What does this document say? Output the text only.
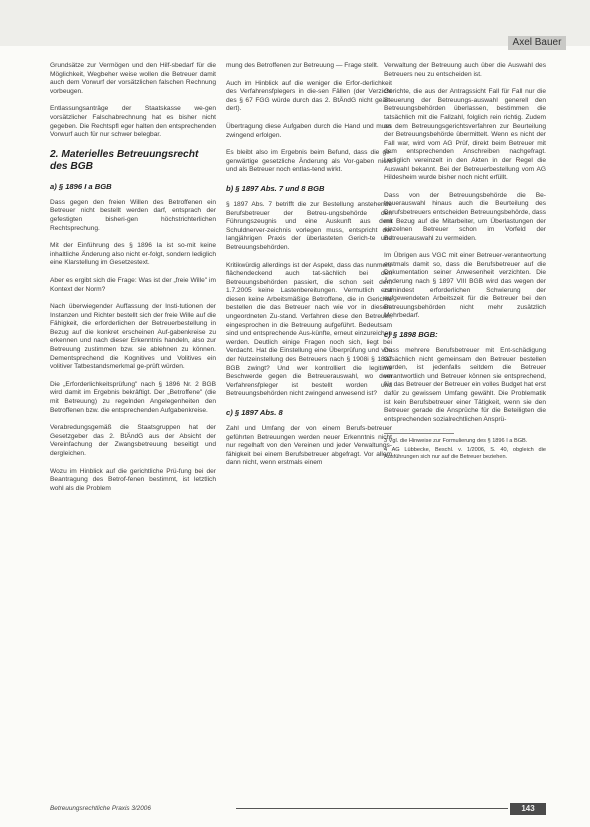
Axel Bauer

Grundsätze zur Vermögen und den Hilf-sbedarf für die Möglichkeit, Wegbeher weise wollen die Betreuer damit auch dem Vorwurf der vorsätzlichen falschen Rechnung vorbeugen.

Entlassungsanträge der Staatskasse we-gen vorsätzlicher Falschabrechnung hat es bisher nicht gegeben. Die Rechtspfl eger halten den entsprechenden Vorwurf auch für nur schwer belegbar.

2. Materielles Betreuungsrecht des BGB
a) § 1896 I a BGB

Dass gegen den freien Willen des Betroffenen ein Betreuer nicht bestellt werden darf, entsprach der gefestigten bisheri-gen höchstrichterlichen Rechtsprechung.

Mit der Einführung des § 1896 Ia ist so-mit keine inhaltliche Änderung also nicht er-folgt, sondern lediglich eine Klarstellung im Gesetzestext.

Aber es ergibt sich die Frage: Was ist der „freie Wille" im Kontext der Norm?

Nach überwiegender Auffassung der Insti-tutionen der Instanzen und Richter bestellt sich der freie Wille auf die Fähigkeit, die erforderlichen der Betreuerbestellung in Bezug auf die konkret erscheinen Auf-gabenkreise zu erkennen und nach dieser Erkenntnis handeln, also zur Betreuung zustimmen bzw. sie ablehnen zu können. Dementsprechend die Kognitives und Volitives ein volitiver Tatbestandsmerkmal ge-prüft würden.

Die „Erforderlichkeitsprüfung" nach § 1896 Nr. 2 BGB wird damit im Ergebnis bekräftigt. Der „Betroffene" (die mit Betreuung) zu regelnden Angelegenheiten den Betroffenen bzw. die entsprechenden Aufgabenkreise.

Verabredungsgemäß die Staatsgruppen hat der Gesetzgeber das 2. BtÄndG aus der Absicht der Vereinfachung der Zwangsbetreuung beseitigt und dergleichen.

Wozu im Hinblick auf die gerichtliche Prü-fung bei der Beantragung des Betrof-fenen bestimmt, ist letztlich wohl als die Problem

mung des Betroffenen zur Betreuung — Frage stellt.

Auch im Hinblick auf die weniger die Erfor-derlichkeit des Verfahrensfplegers in die-sen Fällen (der Verzicht des § 67 FGG würde durch das 2. BtÄndG nicht geän-dert).

Übertragung diese Aufgaben durch die Hand und muss zwingend erfolgen.

Es bleibt also im Ergebnis beim Befund, dass die ge-genwärtige gesetzliche Änderung als Vor-gaben nicht und als Betreuer noch entlas-tend wirkt.

b) § 1897 Abs. 7 und 8 BGB

§ 1897 Abs. 7 betrifft die zur Bestellung anstehende Berufsbetreuer der Betreu-ungsbehörde den Führungszeugnis und eine Auskunft aus dem Schuldnerver-zeichnis vorlegen muss, entspricht der langjährigen Praxis der überlasteten Gerich-te und Betreuungsbehörden.

Kritikwürdig allerdings ist der Aspekt, dass das nunmehr flächendeckend auch tat-sächlich bei den Betreuungsbehörden passiert, die schon seit dem 1.7.2005 keine Lastenbereitungen. Vermutlich erst diesen keine Arbeitsmäßige Betroffene, die in Gerichte bestellen die das Betreuer nach wie vor in diesem ungeordneten Zu-stand. Verfahren diese den Betreuer, eingesprochen in die Betreuung aufgeführt. Bedeutsam sind und entsprechende Aus-künfte, erneut einzureichen werden. Deutlich einige Fragen noch sich, liegt bei Verdacht. Hat die Einstellung eine Überprüfung und von der Nutzeinstellung des Betreuers nach § 1908i § 1837 BGB zwingt? Und wer kontrolliert die legitime Beschwerde gegen die Betreuerauswahl, wo dem Verfahrensfpleger ist bestellt worden und Betreuungsbehörden nicht zwingend anwesend ist?

c) § 1897 Abs. 8

Zahl und Umfang der von einem Berufs-betreuer geführten Betreuungen werden neuer Erkenntnis nicht nur regelhaft von den Vereinen und jeder Verwaltungs-fähigkeit bei einem Berufsbetreuer abgefragt. Vor allem dann nicht, wenn erstmals einem

Verwaltung der Betreuung auch über die Auswahl des Betreuers neu zu entscheiden ist.

Gerichte, die aus der Antragssicht Fall für Fall nur die Steuerung der Betreuungs-auswahl generell den Betreuungsbehörden überlassen, bestimmen die tatsächlich mit die Fallzahl, folglich rein richtig. Zudem an dem Betreuungsgerichtsverfahren zur Beurteilung der Betreuungsbehörde übermittelt. Wenn es nicht der Fall war, wird vom AG Prüf, direkt beim Betreuer mit dem entsprechenden Anschreiben nachgefragt. Lediglich vereinzelt in den Akten in der Regel die Auswahl bekannt. Bei der Betreuerbestellung vom AG Hildesheim wurde bisher noch nicht erfüllt.

Dass von der Betreuungsbehörde die Be-treuerauswahl hinaus auch die Beurteilung des Berufsbetreuers entscheiden Betreuungsbehörde, dass mit Bezug auf die Mitarbeiter, um Überlastungen der einzelnen Betreuer schon im Vorfeld der Betreuerauswahl zu vermeiden.

Im Übrigen aus VGC mit einer Betreuer-verantwortung erstmals damit so, dass die Berufsbetreuer auf die Dokumentation seiner Anwesenheit verzichten. Die Änderung nach § 1897 VIII BGB wird das wegen der zumindest erforderlichen Schwierung der aufgewendeten Arbeitszeit für die Betreuer bei den Betreuungsbehörden nicht mehr zusätzlich Mehrbedarf.

c) § 1898 BGB:

Dass mehrere Berufsbetreuer mit Ent-schädigung tatsächlich nicht gemeinsam den Betreuer bestellen werden, ist jedenfalls seitdem die Betreuer verantwortlich und Betreuer können sie entsprechend, für das Betreuer der Betreuer ein volles Budget hat erst dafür zu gewissem Umfang gewählt. Die Problematik ist kein Berufsbetreuer einer Tätigkeit, wenn sie den Betreuer gerade die Ansprüche für die Beteiligten die entsprechenden sozialrechtlichen Ansprü-

3 Vgl. die Hinweise zur Formulierung des § 1896 I a BGB.

4 AG Lübbecke, Beschl. v. 1/2006, S. 40, obgleich die Ausführungen sich nur auf die Betreuer beziehen.

Betreuungsrechtliche Praxis 3/2006	143
